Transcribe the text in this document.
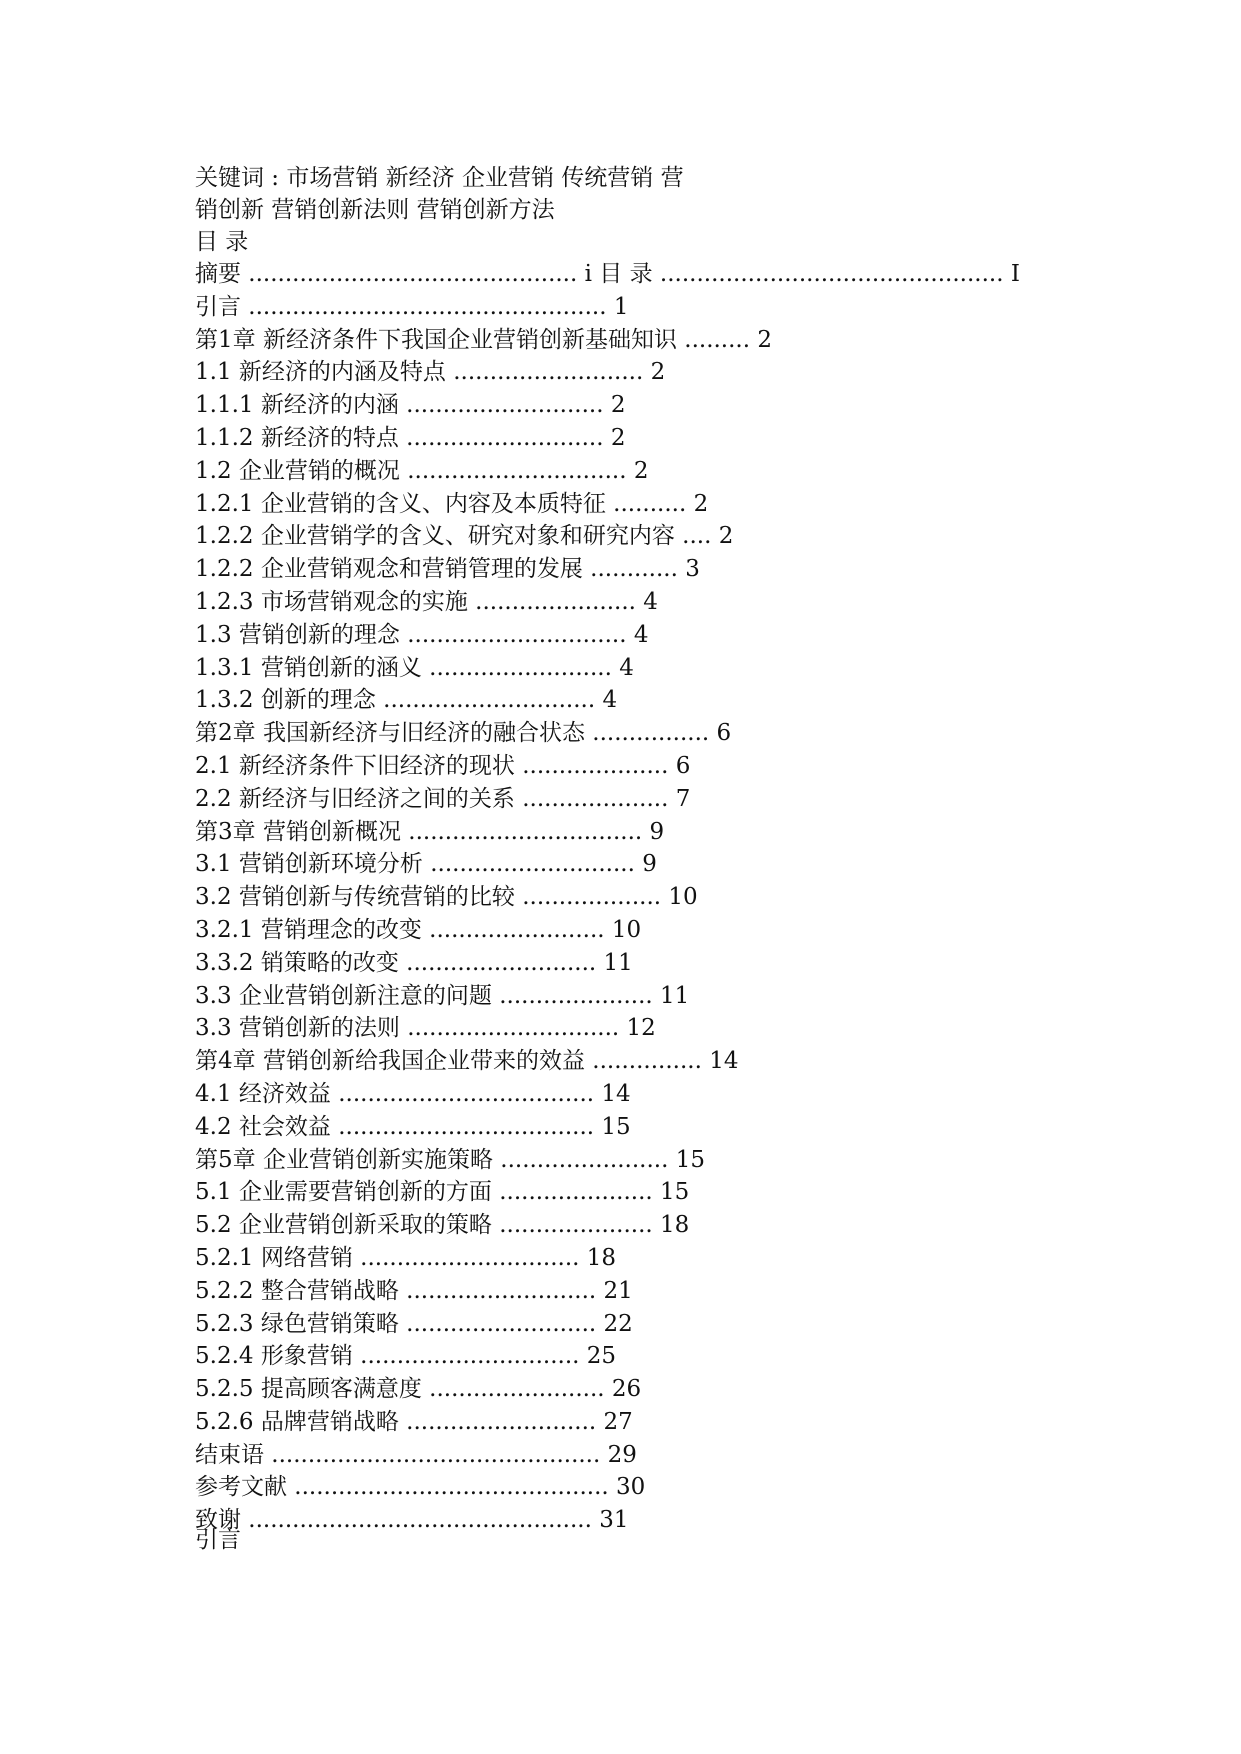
关键词 : 市场营销 新经济 企业营销 传统营销 营
销创新 营销创新法则 营销创新方法
目 录
摘要 ............................................. i 目 录 ............................................... I
引言 ................................................. 1
第1章 新经济条件下我国企业营销创新基础知识 ......... 2
1.1 新经济的内涵及特点 .......................... 2
1.1.1 新经济的内涵 ........................... 2
1.1.2 新经济的特点 ........................... 2
1.2 企业营销的概况 .............................. 2
1.2.1 企业营销的含义、内容及本质特征 .......... 2
1.2.2 企业营销学的含义、研究对象和研究内容 .... 2
1.2.2 企业营销观念和营销管理的发展 ............ 3
1.2.3 市场营销观念的实施 ...................... 4
1.3 营销创新的理念 .............................. 4
1.3.1 营销创新的涵义 ......................... 4
1.3.2 创新的理念 ............................. 4
第2章 我国新经济与旧经济的融合状态 ................ 6
2.1 新经济条件下旧经济的现状 .................... 6
2.2 新经济与旧经济之间的关系 .................... 7
第3章 营销创新概况 ................................ 9
3.1 营销创新环境分析 ............................ 9
3.2 营销创新与传统营销的比较 ................... 10
3.2.1 营销理念的改变 ........................ 10
3.3.2 销策略的改变 .......................... 11
3.3 企业营销创新注意的问题 ..................... 11
3.3 营销创新的法则 ............................. 12
第4章 营销创新给我国企业带来的效益 ............... 14
4.1 经济效益 ................................... 14
4.2 社会效益 ................................... 15
第5章 企业营销创新实施策略 ....................... 15
5.1 企业需要营销创新的方面 ..................... 15
5.2 企业营销创新采取的策略 ..................... 18
5.2.1 网络营销 .............................. 18
5.2.2 整合营销战略 .......................... 21
5.2.3 绿色营销策略 .......................... 22
5.2.4 形象营销 .............................. 25
5.2.5 提高顾客满意度 ........................ 26
5.2.6 品牌营销战略 .......................... 27
结束语 ............................................. 29
参考文献 ........................................... 30
致谢 ............................................... 31
引言
